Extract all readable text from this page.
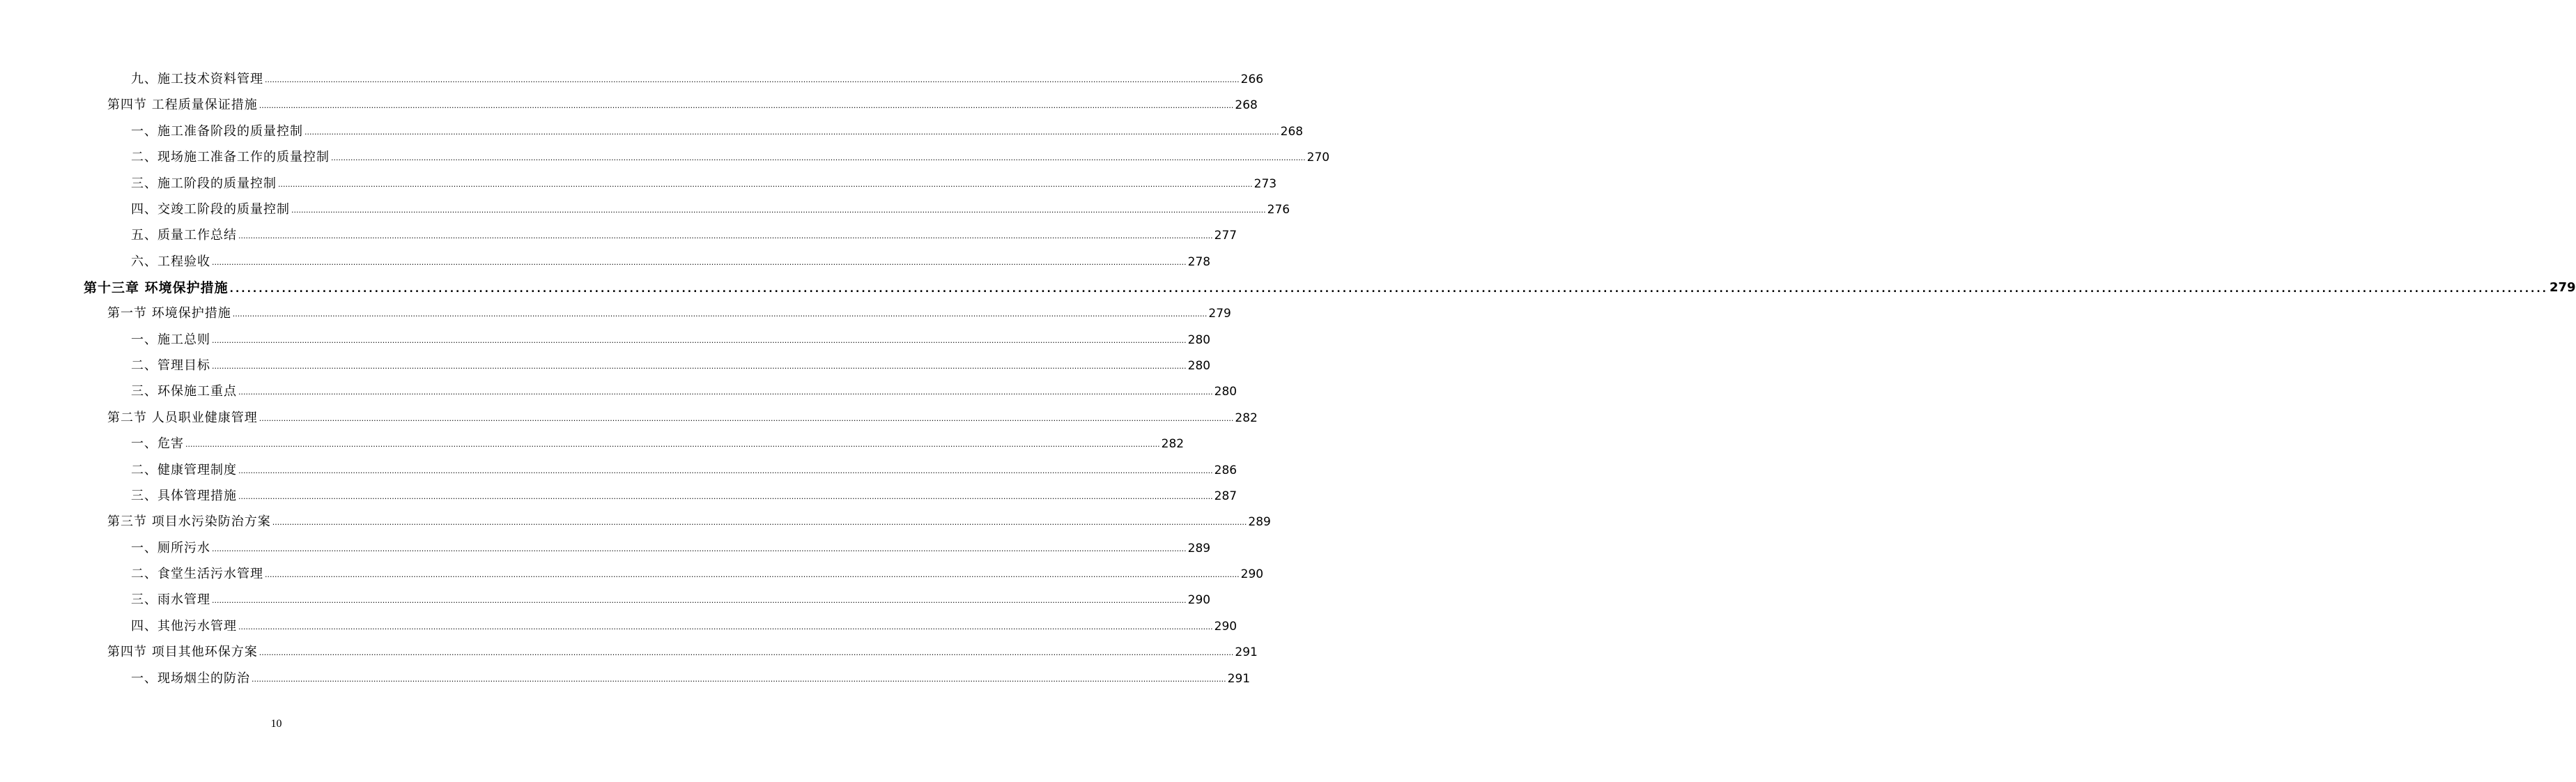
九、施工技术资料管理 ................................................................................................................................................................................................................................................................................................................................................................................................................ 266
第四节 工程质量保证措施 ................................................................................................................................................................................................................................................................................................................................................................................................................ 268
一、施工准备阶段的质量控制 ................................................................................................................................................................................................................................................................................................................................................................................................................ 268
二、现场施工准备工作的质量控制 ................................................................................................................................................................................................................................................................................................................................................................................................................ 270
三、施工阶段的质量控制 ................................................................................................................................................................................................................................................................................................................................................................................................................ 273
四、交竣工阶段的质量控制 ................................................................................................................................................................................................................................................................................................................................................................................................................ 276
五、质量工作总结 ................................................................................................................................................................................................................................................................................................................................................................................................................ 277
六、工程验收 ................................................................................................................................................................................................................................................................................................................................................................................................................ 278
第十三章 环境保护措施 ................................................................................................................................................................................................................................................................................................................................................................................................................ 279
第一节 环境保护措施 ................................................................................................................................................................................................................................................................................................................................................................................................................ 279
一、施工总则 ................................................................................................................................................................................................................................................................................................................................................................................................................ 280
二、管理目标 ................................................................................................................................................................................................................................................................................................................................................................................................................ 280
三、环保施工重点 ................................................................................................................................................................................................................................................................................................................................................................................................................ 280
第二节 人员职业健康管理 ................................................................................................................................................................................................................................................................................................................................................................................................................ 282
一、危害 ................................................................................................................................................................................................................................................................................................................................................................................................................ 282
二、健康管理制度 ................................................................................................................................................................................................................................................................................................................................................................................................................ 286
三、具体管理措施 ................................................................................................................................................................................................................................................................................................................................................................................................................ 287
第三节 项目水污染防治方案 ................................................................................................................................................................................................................................................................................................................................................................................................................ 289
一、厕所污水 ................................................................................................................................................................................................................................................................................................................................................................................................................ 289
二、食堂生活污水管理 ................................................................................................................................................................................................................................................................................................................................................................................................................ 290
三、雨水管理 ................................................................................................................................................................................................................................................................................................................................................................................................................ 290
四、其他污水管理 ................................................................................................................................................................................................................................................................................................................................................................................................................ 290
第四节 项目其他环保方案 ................................................................................................................................................................................................................................................................................................................................................................................................................ 291
一、现场烟尘的防治 ................................................................................................................................................................................................................................................................................................................................................................................................................ 291
10
